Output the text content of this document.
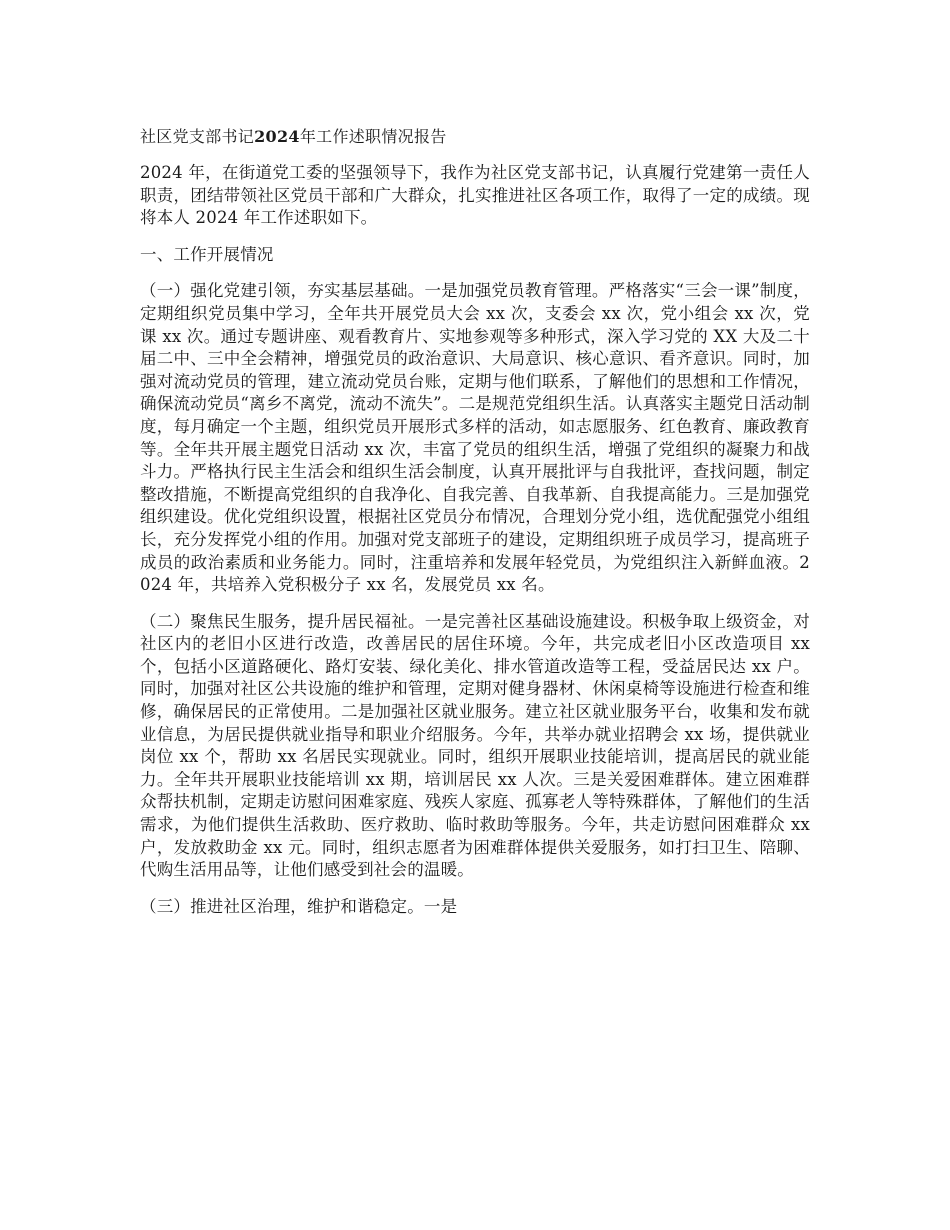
社区党支部书记2024年工作述职情况报告

2024 年，在街道党工委的坚强领导下，我作为社区党支部书记，认真履行党建第一责任人职责，团结带领社区党员干部和广大群众，扎实推进社区各项工作，取得了一定的成绩。现将本人 2024 年工作述职如下。

一、工作开展情况

（一）强化党建引领，夯实基层基础。一是加强党员教育管理。严格落实“三会一课”制度，定期组织党员集中学习，全年共开展党员大会 xx 次，支委会 xx 次，党小组会 xx 次，党课 xx 次。通过专题讲座、观看教育片、实地参观等多种形式，深入学习党的 XX 大及二十届二中、三中全会精神，增强党员的政治意识、大局意识、核心意识、看齐意识。同时，加强对流动党员的管理，建立流动党员台账，定期与他们联系，了解他们的思想和工作情况，确保流动党员“离乡不离党，流动不流失”。二是规范党组织生活。认真落实主题党日活动制度，每月确定一个主题，组织党员开展形式多样的活动，如志愿服务、红色教育、廉政教育等。全年共开展主题党日活动 xx 次，丰富了党员的组织生活，增强了党组织的凝聚力和战斗力。严格执行民主生活会和组织生活会制度，认真开展批评与自我批评，查找问题，制定整改措施，不断提高党组织的自我净化、自我完善、自我革新、自我提高能力。三是加强党组织建设。优化党组织设置，根据社区党员分布情况，合理划分党小组，选优配强党小组组长，充分发挥党小组的作用。加强对党支部班子的建设，定期组织班子成员学习，提高班子成员的政治素质和业务能力。同时，注重培养和发展年轻党员，为党组织注入新鲜血液。2024 年，共培养入党积极分子 xx 名，发展党员 xx 名。

（二）聚焦民生服务，提升居民福祉。一是完善社区基础设施建设。积极争取上级资金，对社区内的老旧小区进行改造，改善居民的居住环境。今年，共完成老旧小区改造项目 xx 个，包括小区道路硬化、路灯安装、绿化美化、排水管道改造等工程，受益居民达 xx 户。同时，加强对社区公共设施的维护和管理，定期对健身器材、休闲桌椅等设施进行检查和维修，确保居民的正常使用。二是加强社区就业服务。建立社区就业服务平台，收集和发布就业信息，为居民提供就业指导和职业介绍服务。今年，共举办就业招聘会 xx 场，提供就业岗位 xx 个，帮助 xx 名居民实现就业。同时，组织开展职业技能培训，提高居民的就业能力。全年共开展职业技能培训 xx 期，培训居民 xx 人次。三是关爱困难群体。建立困难群众帮扶机制，定期走访慰问困难家庭、残疾人家庭、孤寡老人等特殊群体，了解他们的生活需求，为他们提供生活救助、医疗救助、临时救助等服务。今年，共走访慰问困难群众 xx 户，发放救助金 xx 元。同时，组织志愿者为困难群体提供关爱服务，如打扫卫生、陪聊、代购生活用品等，让他们感受到社会的温暖。

（三）推进社区治理，维护和谐稳定。一是
